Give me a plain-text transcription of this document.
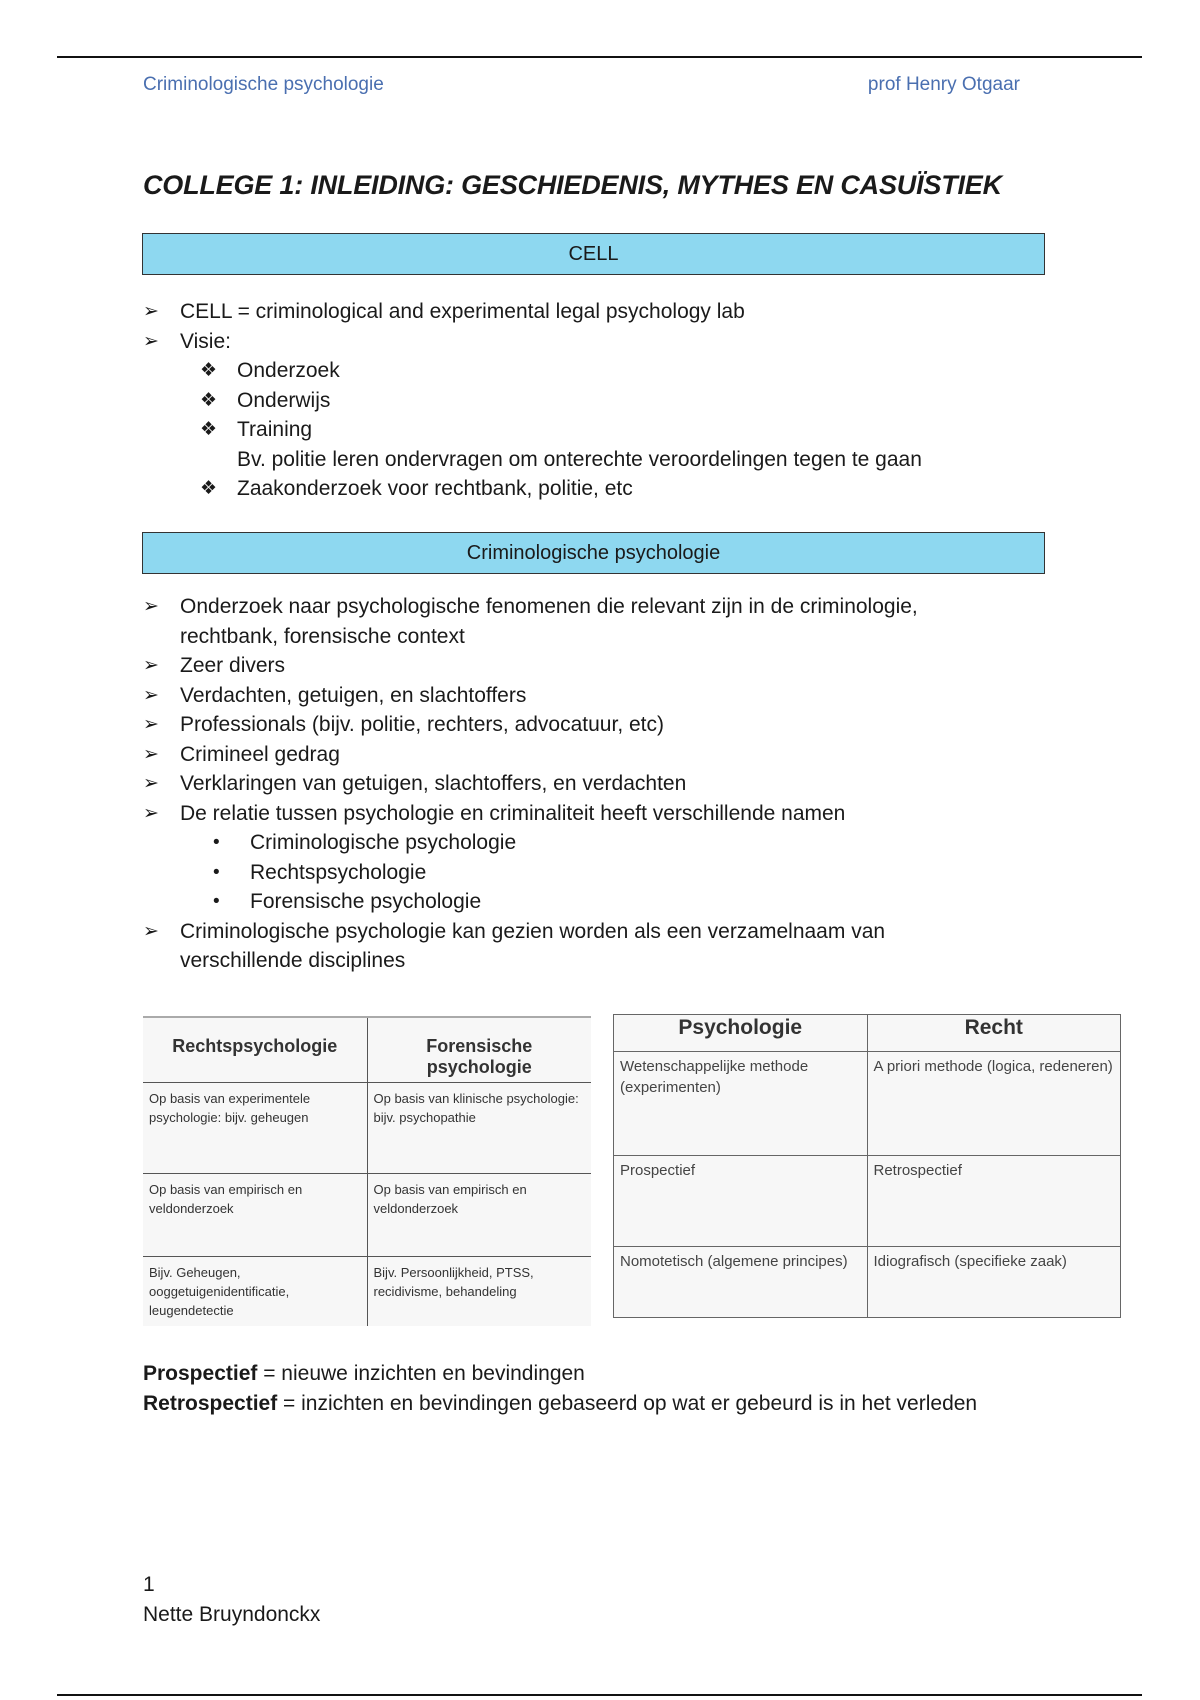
Criminologische psychologie	prof Henry Otgaar
COLLEGE 1: INLEIDING: GESCHIEDENIS, MYTHES EN CASUÏSTIEK
CELL
➢	CELL = criminological and experimental legal psychology lab
➢	Visie:
❖ Onderzoek
❖ Onderwijs
❖ Training
Bv. politie leren ondervragen om onterechte veroordelingen tegen te gaan
❖ Zaakonderzoek voor rechtbank, politie, etc
Criminologische psychologie
➢	Onderzoek naar psychologische fenomenen die relevant zijn in de criminologie,
rechtbank, forensische context
➢	Zeer divers
➢	Verdachten, getuigen, en slachtoffers
➢	Professionals (bijv. politie, rechters, advocatuur, etc)
➢	Crimineel gedrag
➢	Verklaringen van getuigen, slachtoffers, en verdachten
➢	De relatie tussen psychologie en criminaliteit heeft verschillende namen
•	Criminologische psychologie
•	Rechtspsychologie
•	Forensische psychologie
➢	Criminologische psychologie kan gezien worden als een verzamelnaam van
verschillende disciplines
Rechtspsychologie	Forensische psychologie
Op basis van experimentele psychologie: bijv. geheugen	Op basis van klinische psychologie: bijv. psychopathie
Op basis van empirisch en veldonderzoek	Op basis van empirisch en veldonderzoek
Bijv. Geheugen, ooggetuigenidentificatie, leugendetectie	Bijv. Persoonlijkheid, PTSS, recidivisme, behandeling
Psychologie	Recht
Wetenschappelijke methode (experimenten)	A priori methode (logica, redeneren)
Prospectief	Retrospectief
Nomotetisch (algemene principes)	Idiografisch (specifieke zaak)
Prospectief = nieuwe inzichten en bevindingen
Retrospectief = inzichten en bevindingen gebaseerd op wat er gebeurd is in het verleden
1
Nette Bruyndonckx
